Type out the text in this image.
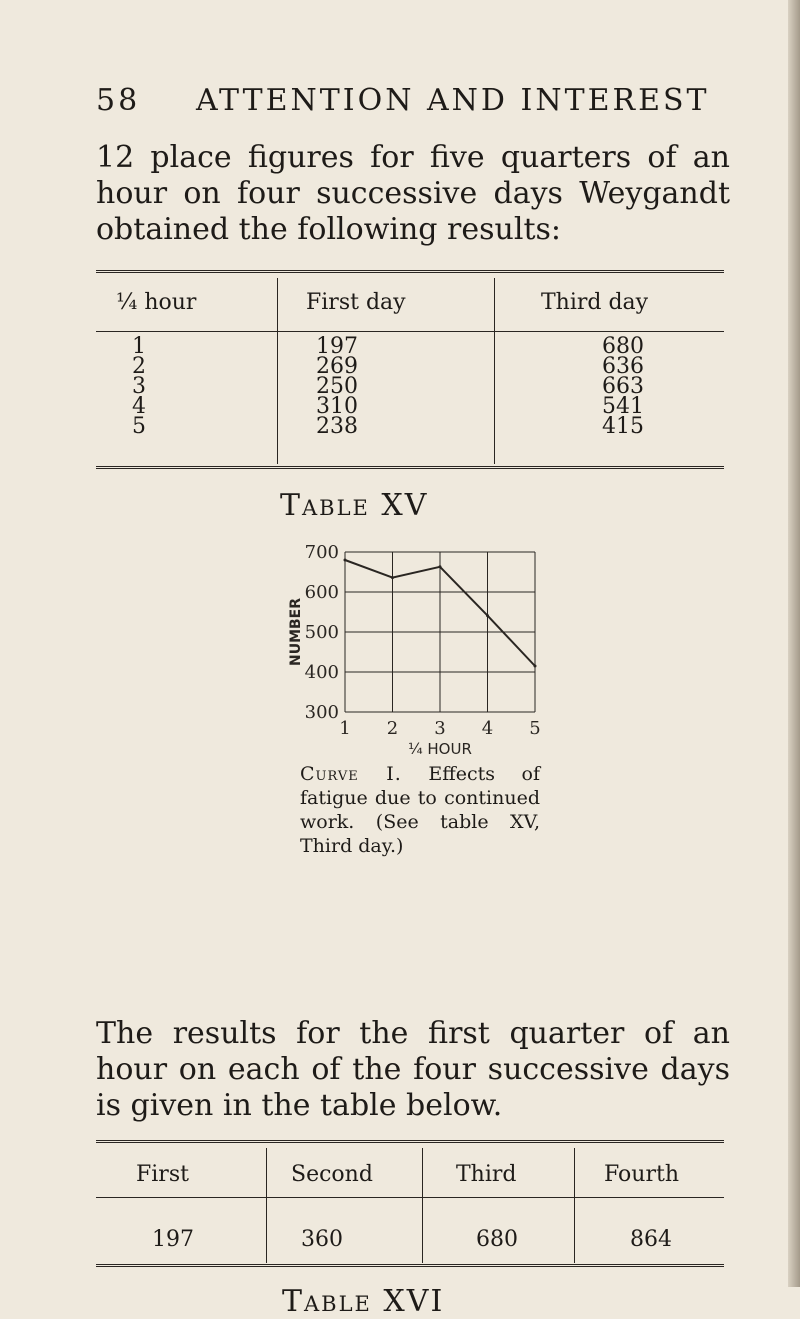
58 ATTENTION AND INTEREST
12 place figures for five quarters of an hour on four successive days Weygandt obtained the following results:
¼ hour	First day	Third day
1	197	680
2	269	636
3	250	663
4	310	541
5	238	415
Table XV
700
600
500
400
300
1 2 3 4 5
¼ HOUR
NUMBER
Curve I. Effects of fatigue due to continued work. (See table XV, Third day.)
The results for the first quarter of an hour on each of the four successive days is given in the table below.
First	Second	Third	Fourth
197	360	680	864
Table XVI
